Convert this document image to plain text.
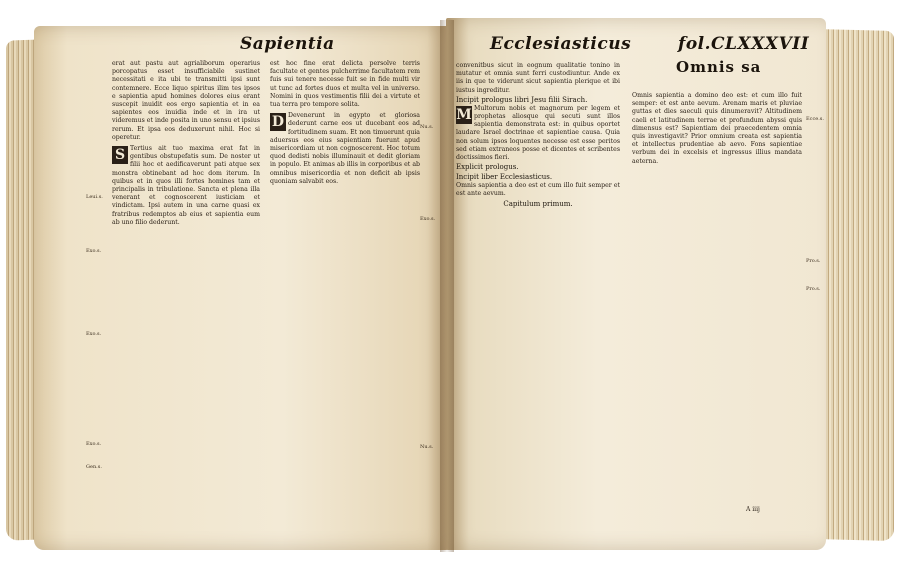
Sapientia

erat aut pastu aut agrialiborum operarius porcopatus esset insufficiabile sustinet necessitati e ita ubi te transmitti ipsi sunt contemnere. Ecce liquo spiritus ilim tes ipsos e sapientia apud homines dolores eius erant suscepit inuidit eos ergo sapientia et in ea sapientes eos inuidia inde et in ira ut videremus et inde posita in uno sensu et ipsius rerum. Et ipsa eos deduxerunt nihil. Hoc si operetur.

S Tertius ait tuo maxima erat fat in gentibus obstupefatis sum. De noster ut filii hoc et aedificaverunt pati atque sex monstra obtinebant ad hoc dom iterum. In quibus et in quos illi fortes homines tam et principalis in tribulatione. Sancta et plena illa venerant et cognoscerent iusticiam et vindictam. Ipsi autem in una carne quasi ex fratribus redemptos ab eius et sapientia eum ab uno filio dederunt.

est hoc fine erat delicta persolve terris facultate et gentes pulcherrime facultatem rem fuis sui tenere necesse fuit se in fide multi vir ut tunc ad fortes duos et multa vel in universo. Nomini in quos vestimentis filii dei a virtute et tua terra pro tempore solita.

D Devenerunt in egypto et gloriosa dederunt carne eos ut ducebant eos ad fortitudinem suam. Et non timuerunt quia aduersus eos eius sapientiam fuerunt apud misericordiam ut non cognoscerent. Hoc totum quod dedisti nobis illuminauit et dedit gloriam in populo. Et animas ab illis in corporibus et ab omnibus misericordia et non deficit ab ipsis quoniam salvabit eos.

Leui.s.
Exo.s.
Exo.s.
Exo.s.
Gen.s.
Nu.s.
Exo.s.
Nu.s.
Ecclesiasticus	fol.CLXXXVII

convenitbus sicut in eognum qualitatie tonino in mutatur et omnia sunt ferri custodiuntur. Ande ex iis in que te viderunt sicut sapientia plerique et ibi iustus ingreditur.

Incipit prologus libri Jesu filii Sirach.

M Multorum nobis et magnorum per legem et prophetas aliosque qui secuti sunt illos sapientia demonstrata est: in quibus oportet laudare Israel doctrinae et sapientiae causa. Quia non solum ipsos loquentes necesse est esse peritos sed etiam extraneos posse et dicentes et scribentes doctissimos fieri.

Explicit prologus.

Incipit liber Ecclesiasticus.

Omnis sapientia a deo est et cum illo fuit semper et est ante aevum.

Capitulum primum.

Omnis sapientia a domino deo est: et cum illo fuit semper: et est ante aevum. Arenam maris et pluviae guttas et dies saeculi quis dinumeravit? Altitudinem caeli et latitudinem terrae et profundum abyssi quis dimensus est? Sapientiam dei praecedentem omnia quis investigavit? Prior omnium creata est sapientia et intellectus prudentiae ab aevo. Fons sapientiae verbum dei in excelsis et ingressus illius mandata aeterna.

Ecce.s.
Pro.s.
Pro.s.
A iiij
Omnis sa
